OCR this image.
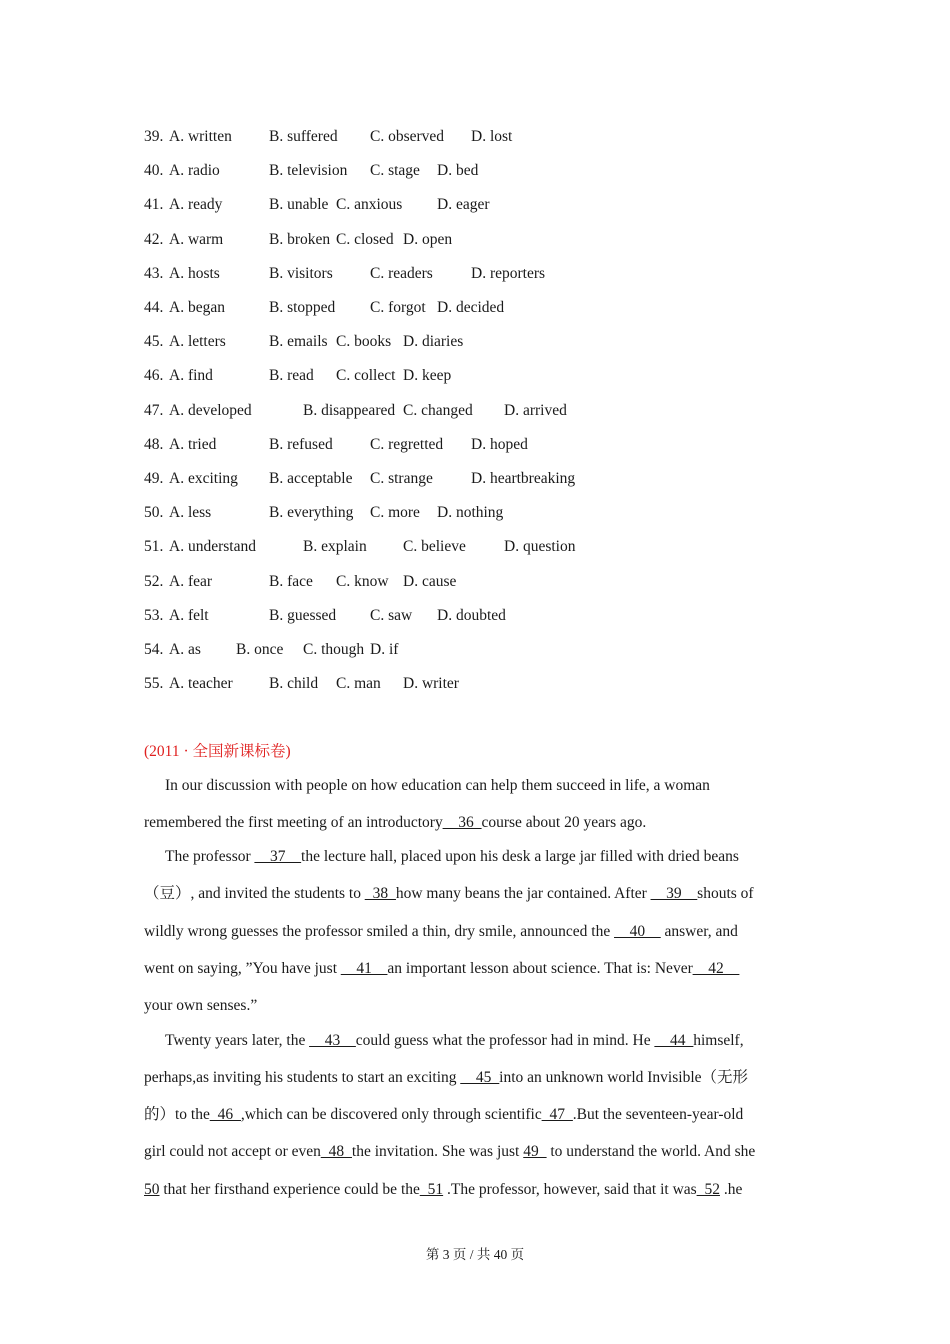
39. A. written B. suffered C. observed D. lost
40. A. radio	B. television C. stage D. bed
41. A. ready	B. unable C. anxious D. eager
42. A. warm	B. broken C. closed D. open
43. A. hosts	B. visitors C. readers D. reporters
44. A. began	B. stopped C. forgot D. decided
45. A. letters	B. emails C. books D. diaries
46. A. find	B. read C. collect D. keep
47. A. developed	B. disappeared C. changed D. arrived
48. A. tried	B. refused C. regretted D. hoped
49. A. exciting B. acceptable C. strange D. heartbreaking
50. A. less	B. everything C. more D. nothing
51. A. understand	B. explain C. believe D. question
52. A. fear	B. face C. know D. cause
53. A. felt	B. guessed C. saw D. doubted
54. A. as B. once C. though D. if
55. A. teacher B. child C. man D. writer
(2011 · 全国新课标卷)
In our discussion with people on how education can help them succeed in life, a woman
remembered the first meeting of an introductory__36_course about 20 years ago.
The professor __37__the lecture hall, placed upon his desk a large jar filled with dried beans
（豆）, and invited the students to _38_how many beans the jar contained. After __39__shouts of
wildly wrong guesses the professor smiled a thin, dry smile, announced the __40__ answer, and
went on saying, ”You have just __41__an important lesson about science. That is: Never__42__
your own senses.”
Twenty years later, the __43__could guess what the professor had in mind. He __44_himself,
perhaps,as inviting his students to start an exciting __45_into an unknown world Invisible（无形
的）to the_46_,which can be discovered only through scientific_47_.But the seventeen-year-old
girl could not accept or even_48_the invitation. She was just 49_ to understand the world. And she
50 that her firsthand experience could be the_51 .The professor, however, said that it was_52 .he
第 3 页 / 共 40 页
